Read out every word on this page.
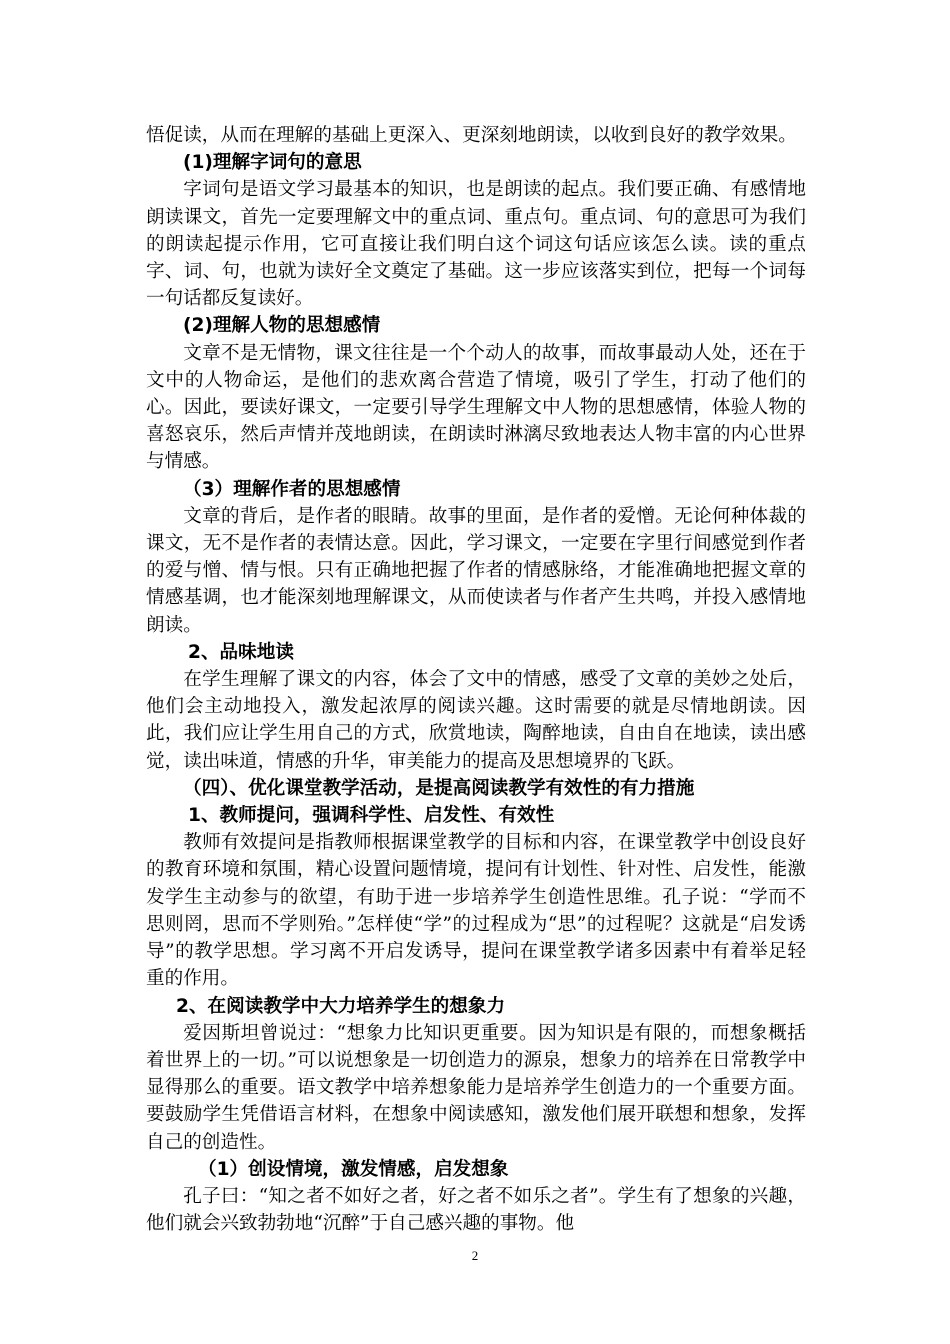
悟促读，从而在理解的基础上更深入、更深刻地朗读，以收到良好的教学效果。

(1)理解字词句的意思

字词句是语文学习最基本的知识，也是朗读的起点。我们要正确、有感情地朗读课文，首先一定要理解文中的重点词、重点句。重点词、句的意思可为我们的朗读起提示作用，它可直接让我们明白这个词这句话应该怎么读。读的重点字、词、句，也就为读好全文奠定了基础。这一步应该落实到位，把每一个词每一句话都反复读好。

(2)理解人物的思想感情

文章不是无情物，课文往往是一个个动人的故事，而故事最动人处，还在于文中的人物命运，是他们的悲欢离合营造了情境，吸引了学生，打动了他们的心。因此，要读好课文，一定要引导学生理解文中人物的思想感情，体验人物的喜怒哀乐，然后声情并茂地朗读，在朗读时淋漓尽致地表达人物丰富的内心世界与情感。

（3）理解作者的思想感情

文章的背后，是作者的眼睛。故事的里面，是作者的爱憎。无论何种体裁的课文，无不是作者的表情达意。因此，学习课文，一定要在字里行间感觉到作者的爱与憎、情与恨。只有正确地把握了作者的情感脉络，才能准确地把握文章的情感基调，也才能深刻地理解课文，从而使读者与作者产生共鸣，并投入感情地朗读。

2、品味地读

在学生理解了课文的内容，体会了文中的情感，感受了文章的美妙之处后，他们会主动地投入，激发起浓厚的阅读兴趣。这时需要的就是尽情地朗读。因此，我们应让学生用自己的方式，欣赏地读，陶醉地读，自由自在地读，读出感觉，读出味道，情感的升华，审美能力的提高及思想境界的飞跃。

（四）、优化课堂教学活动，是提高阅读教学有效性的有力措施

1、教师提问，强调科学性、启发性、有效性

教师有效提问是指教师根据课堂教学的目标和内容，在课堂教学中创设良好的教育环境和氛围，精心设置问题情境，提问有计划性、针对性、启发性，能激发学生主动参与的欲望，有助于进一步培养学生创造性思维。孔子说：“学而不思则罔，思而不学则殆。”怎样使“学”的过程成为“思”的过程呢？这就是“启发诱导”的教学思想。学习离不开启发诱导，提问在课堂教学诸多因素中有着举足轻重的作用。

2、在阅读教学中大力培养学生的想象力

爱因斯坦曾说过：“想象力比知识更重要。因为知识是有限的，而想象概括着世界上的一切。”可以说想象是一切创造力的源泉，想象力的培养在日常教学中显得那么的重要。语文教学中培养想象能力是培养学生创造力的一个重要方面。要鼓励学生凭借语言材料，在想象中阅读感知，激发他们展开联想和想象，发挥自己的创造性。

（1）创设情境，激发情感，启发想象

孔子曰：“知之者不如好之者，好之者不如乐之者”。学生有了想象的兴趣，他们就会兴致勃勃地“沉醉”于自己感兴趣的事物。他

2
